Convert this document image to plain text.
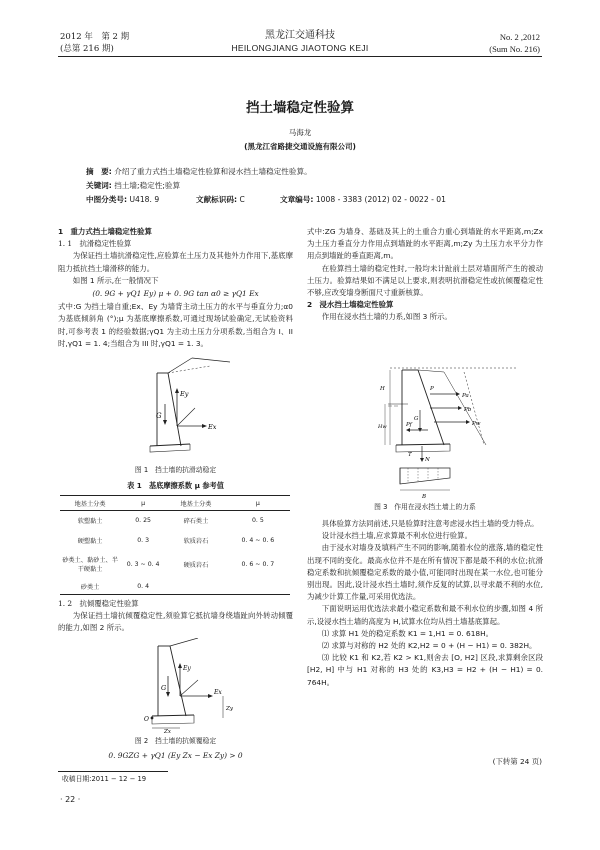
2012 年　第 2 期
(总第 216 期)
黑龙江交通科技
HEILONGJIANG JIAOTONG KEJI
No. 2 ,2012
(Sum No. 216)
挡土墙稳定性验算
马海龙
(黑龙江省路捷交通设施有限公司)
摘　要: 介绍了重力式挡土墙稳定性验算和浸水挡土墙稳定性验算。
关键词: 挡土墙;稳定性;验算
中图分类号: U418. 9	文献标识码: C	文章编号: 1008 - 3383 (2012) 02 - 0022 - 01

1　重力式挡土墙稳定性验算

1. 1　抗滑稳定性验算

为保证挡土墙抗滑稳定性,应验算在土压力及其他外力作用下,基底摩阻力抵抗挡土墙滑移的能力。

如图 1 所示,在一般情况下

(0. 9G + γQ1 Ey) μ + 0. 9G tan α0 ≥ γQ1 Ex

式中:G 为挡土墙自重;Ex、Ey 为墙背主动土压力的水平与垂直分力;α0 为基底倾斜角 (°);μ 为基底摩擦系数,可通过现场试验确定,无试验资料时,可参考表 1 的经验数据;γQ1 为主动土压力分项系数,当组合为 I、II 时,γQ1 = 1. 4;当组合为 III 时,γQ1 = 1. 3。

G
Ey
Ex
图 1　挡土墙的抗滑动稳定
表 1　基底摩擦系数 μ 参考值
地基土分类	μ	地基土分类	μ
软塑黏土	0. 25	碎石类土	0. 5
硬塑黏土	0. 3	软质岩石	0. 4 ~ 0. 6
砂类土、黏砂土、半干硬黏土	0. 3 ~ 0. 4	硬质岩石	0. 6 ~ 0. 7
砂类土	0. 4		

1. 2　抗倾覆稳定性验算

为保证挡土墙抗倾覆稳定性,须验算它抵抗墙身绕墙趾向外转动倾覆的能力,如图 2 所示。

G
Ey
Ex
O
Zx
Zy
图 2　挡土墙的抗倾覆稳定
0. 9GZG + γQ1 (Ey Zx − Ex Zy) > 0
收稿日期:2011 − 12 − 19
· 22 ·

式中:ZG 为墙身、基础及其上的土重合力重心到墙趾的水平距离,m;Zx 为土压力垂直分力作用点到墙趾的水平距离,m;Zy 为土压力水平分力作用点到墙趾的垂直距离,m。

在验算挡土墙的稳定性时,一般均未计趾前土层对墙面所产生的被动土压力。验算结果如不满足以上要求,则表明抗滑稳定性或抗倾覆稳定性不够,应改变墙身断面尺寸重新核算。

2　浸水挡土墙稳定性验算

作用在浸水挡土墙的力系,如图 3 所示。

P
Pa
Pb
Pw
Pf
G
H
Hw
N
T
B
图 3　作用在浸水挡土墙上的力系

具体验算方法同前述,只是验算时注意考虑浸水挡土墙的受力特点。

设计浸水挡土墙,应求算最不利水位进行验算。

由于浸水对墙身及填料产生不同的影响,随着水位的涨落,墙的稳定性出现不同的变化。最高水位并不是在所有情况下都是最不利的水位;抗滑稳定系数和抗倾覆稳定系数的最小值,可能同时出现在某一水位,也可能分别出现。因此,设计浸水挡土墙时,须作反复的试算,以寻求最不利的水位,为减少计算工作量,可采用优选法。

下面说明运用优选法求最小稳定系数和最不利水位的步骤,如图 4 所示,设浸水挡土墙的高度为 H,试算水位均从挡土墙基底算起。

⑴ 求算 H1 处的稳定系数 K1 = 1,H1 = 0. 618H。

⑵ 求算与对称的 H2 处的 K2,H2 = 0 + (H − H1) = 0. 382H。

⑶ 比较 K1 和 K2,若 K2 > K1,则舍去 [O, H2] 区段,求算剩余区段 [H2, H] 中与 H1 对称的 H3 处的 K3,H3 = H2 + (H − H1) = 0. 764H。

(下转第 24 页)
